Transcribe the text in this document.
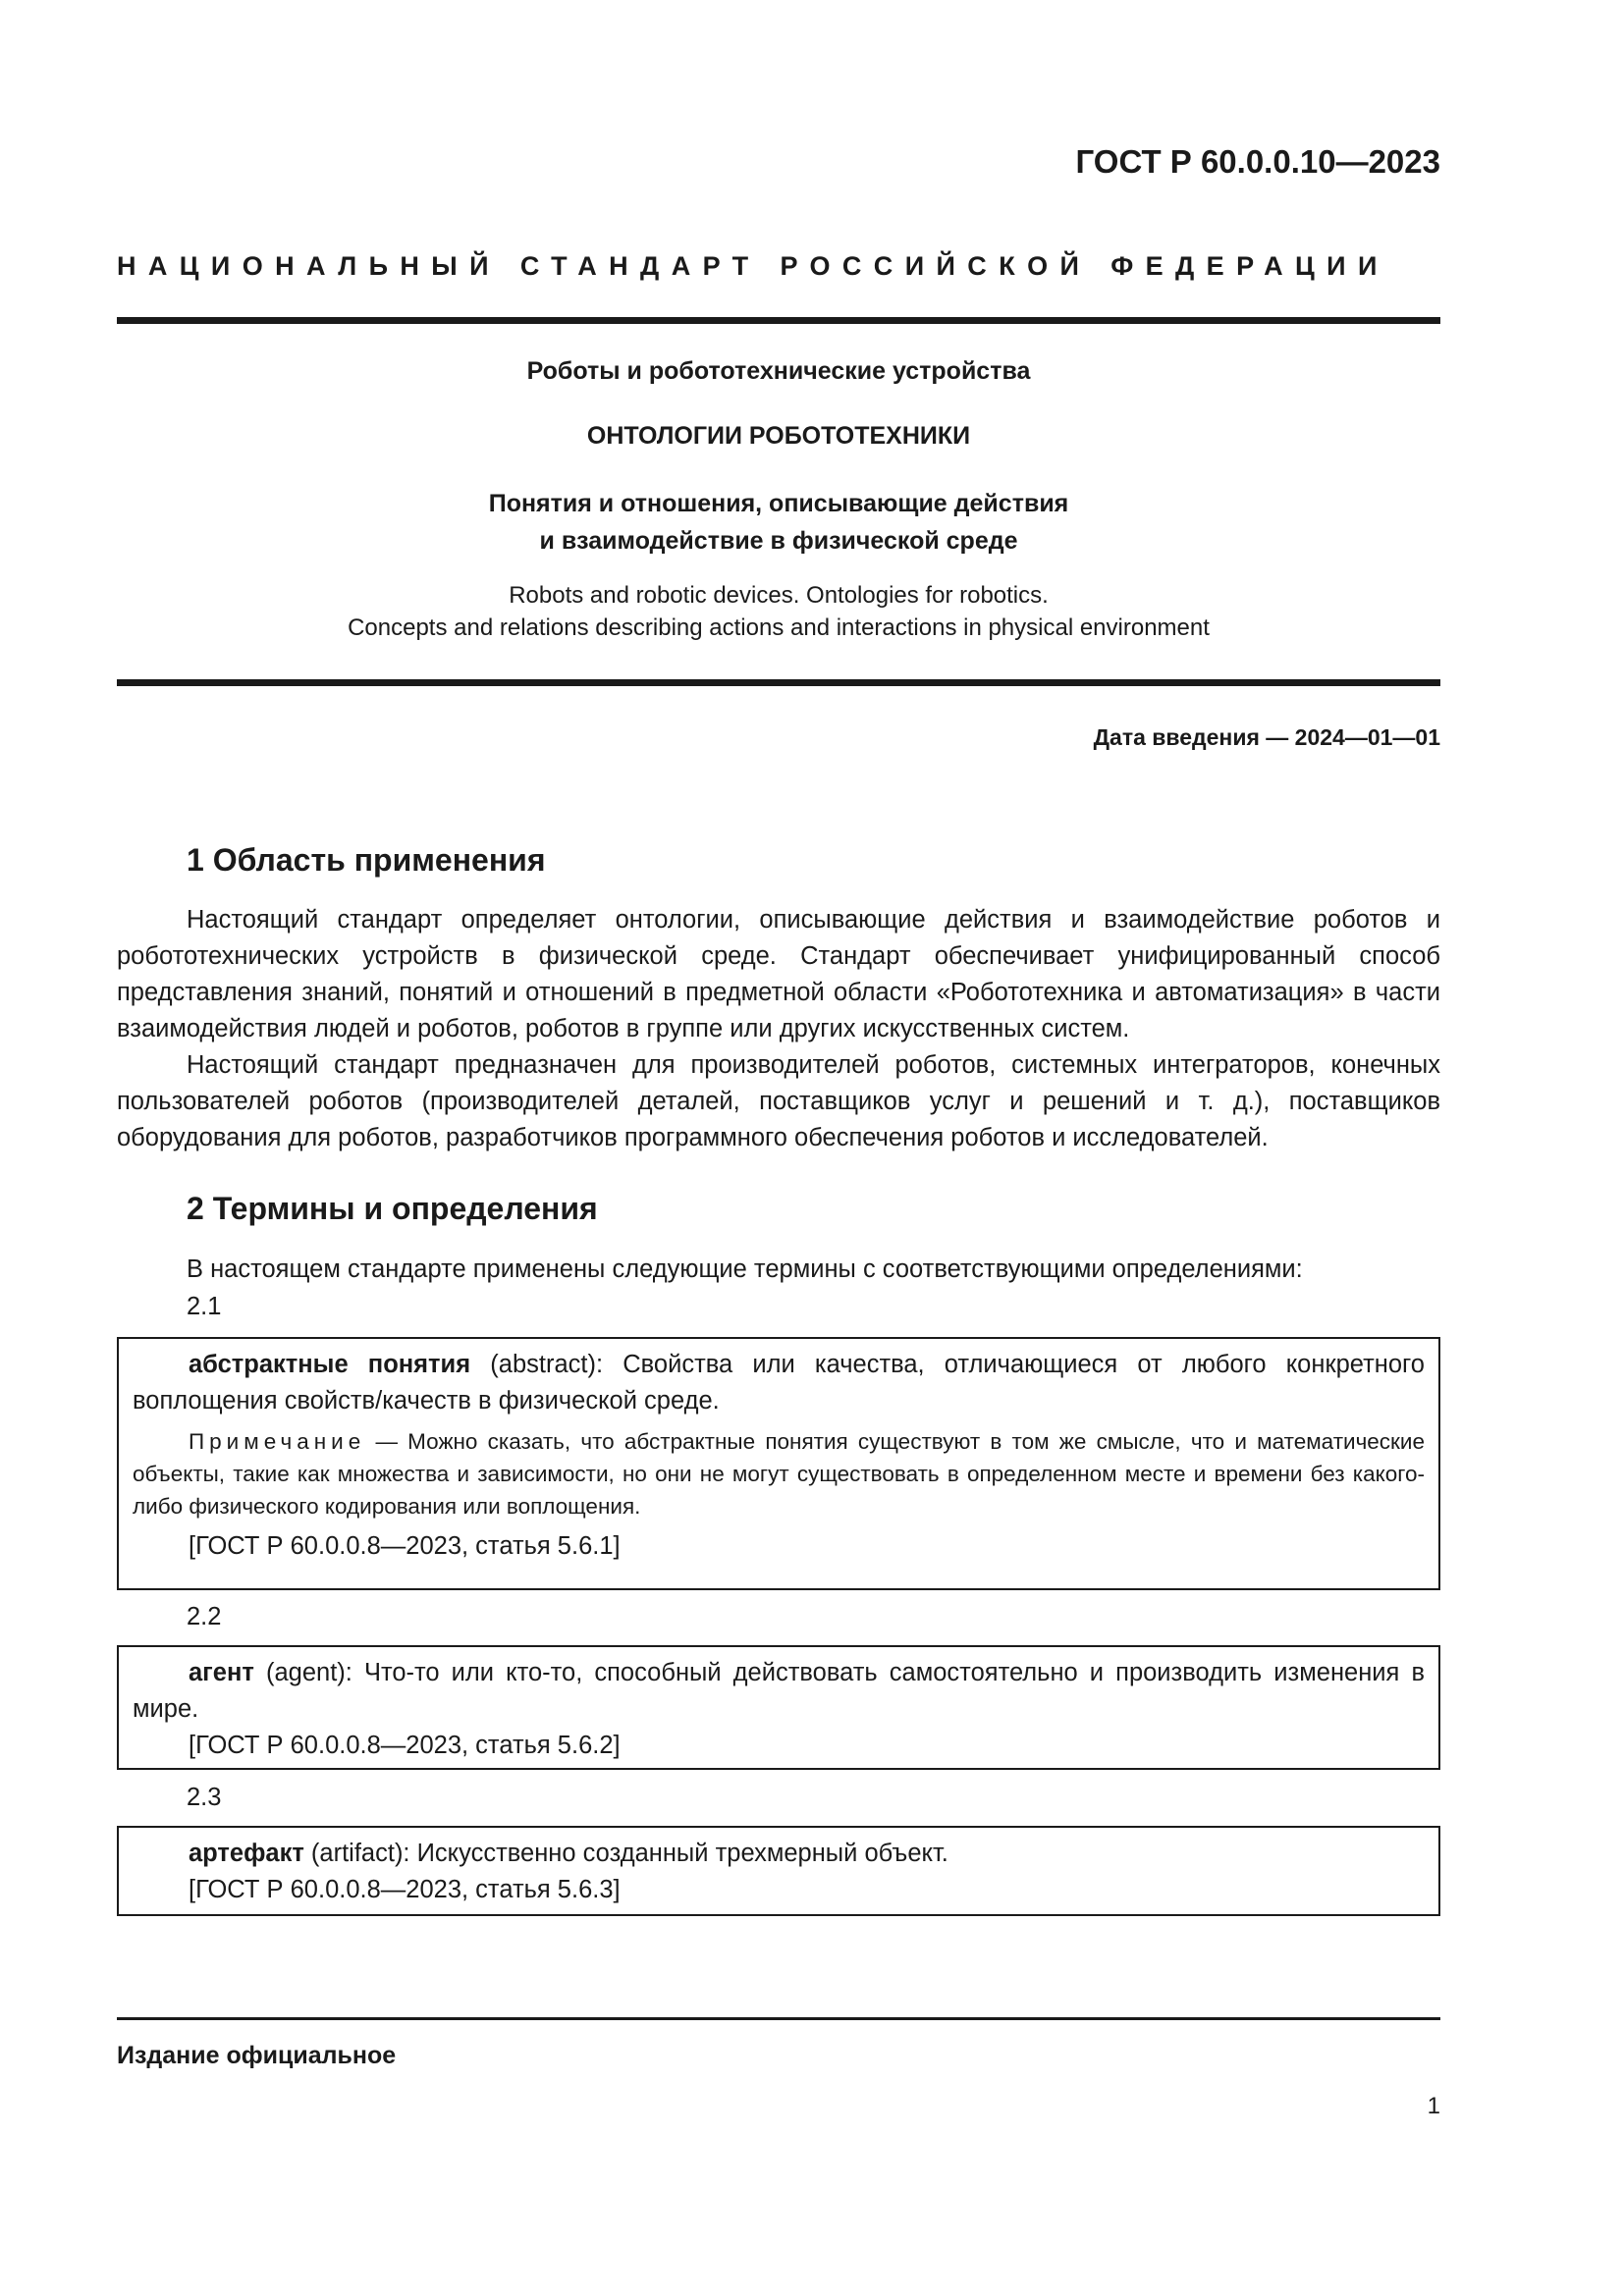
ГОСТ Р 60.0.0.10—2023
НАЦИОНАЛЬНЫЙ СТАНДАРТ РОССИЙСКОЙ ФЕДЕРАЦИИ
Роботы и робототехнические устройства
ОНТОЛОГИИ РОБОТОТЕХНИКИ
Понятия и отношения, описывающие действия
и взаимодействие в физической среде
Robots and robotic devices. Ontologies for robotics.
Concepts and relations describing actions and interactions in physical environment
Дата введения — 2024—01—01
1 Область применения

Настоящий стандарт определяет онтологии, описывающие действия и взаимодействие роботов и робототехнических устройств в физической среде. Стандарт обеспечивает унифицированный способ представления знаний, понятий и отношений в предметной области «Робототехника и автоматизация» в части взаимодействия людей и роботов, роботов в группе или других искусственных систем.

Настоящий стандарт предназначен для производителей роботов, системных интеграторов, конечных пользователей роботов (производителей деталей, поставщиков услуг и решений и т. д.), поставщиков оборудования для роботов, разработчиков программного обеспечения роботов и исследователей.

2 Термины и определения
В настоящем стандарте применены следующие термины с соответствующими определениями:
2.1

абстрактные понятия (abstract): Свойства или качества, отличающиеся от любого конкретного воплощения свойств/качеств в физической среде.

Примечание — Можно сказать, что абстрактные понятия существуют в том же смысле, что и математические объекты, такие как множества и зависимости, но они не могут существовать в определенном месте и времени без какого-либо физического кодирования или воплощения.

[ГОСТ Р 60.0.0.8—2023, статья 5.6.1]

2.2

агент (agent): Что-то или кто-то, способный действовать самостоятельно и производить изменения в мире.

[ГОСТ Р 60.0.0.8—2023, статья 5.6.2]

2.3

артефакт (artifact): Искусственно созданный трехмерный объект.

[ГОСТ Р 60.0.0.8—2023, статья 5.6.3]

Издание официальное
1
